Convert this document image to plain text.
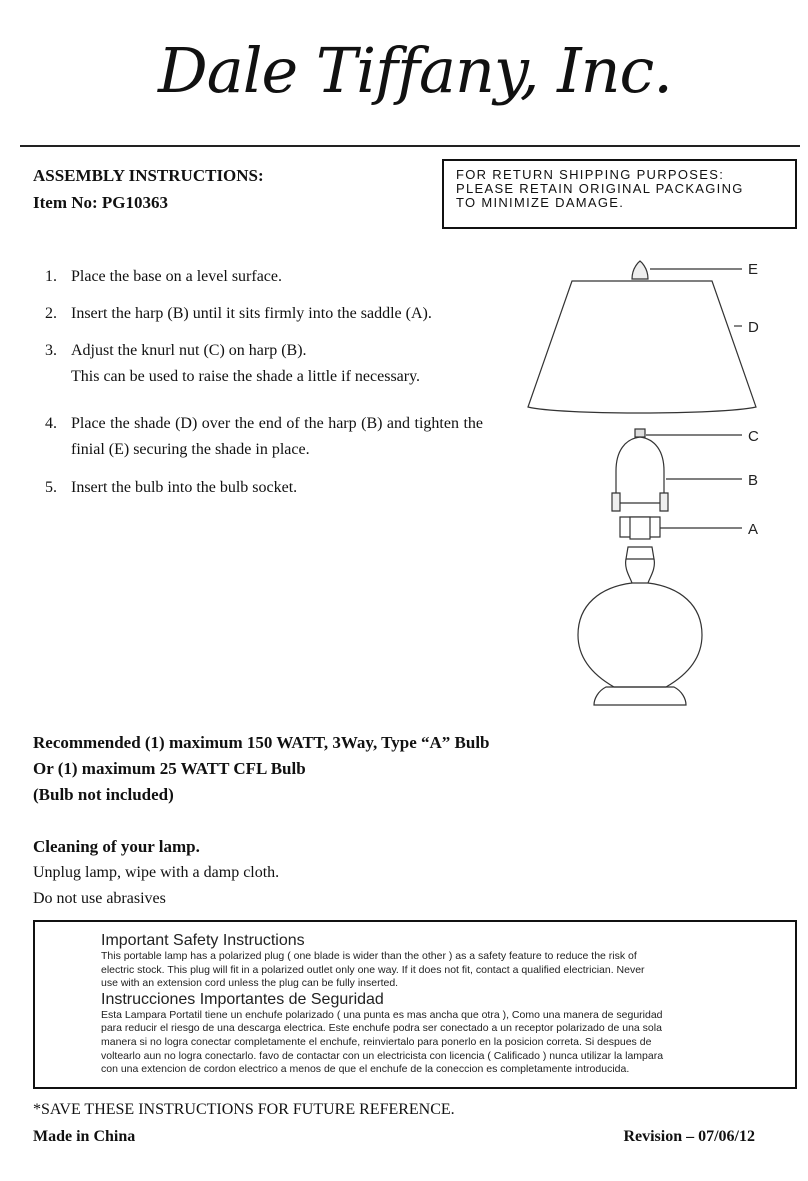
Dale Tiffany, Inc.
ASSEMBLY INSTRUCTIONS:
Item No: PG10363
FOR RETURN SHIPPING PURPOSES:
PLEASE RETAIN ORIGINAL PACKAGING
TO MINIMIZE DAMAGE.
1. Place the base on a level surface.
2. Insert the harp (B) until it sits firmly into the saddle (A).
3. Adjust the knurl nut (C) on harp (B).
This can be used to raise the shade a little if necessary.
4. Place the shade (D) over the end of the harp (B) and tighten the finial (E) securing the shade in place.
5. Insert the bulb into the bulb socket.
E
D
C
B
A
Recommended (1) maximum 150 WATT, 3Way, Type “A” Bulb
Or (1) maximum 25 WATT CFL Bulb
(Bulb not included)
Cleaning of your lamp.
Unplug lamp, wipe with a damp cloth.
Do not use abrasives
Important Safety Instructions
This portable lamp has a polarized plug ( one blade is wider than the other ) as a safety feature to reduce the risk of
electric stock. This plug will fit in a polarized outlet only one way. If it does not fit, contact a qualified electrician. Never
use with an extension cord unless the plug can be fully inserted.
Instrucciones Importantes de Seguridad
Esta Lampara Portatil tiene un enchufe polarizado ( una punta es mas ancha que otra ), Como una manera de seguridad
para reducir el riesgo de una descarga electrica. Este enchufe podra ser conectado a un receptor polarizado de una sola
manera si no logra conectar completamente el enchufe, reinviertalo para ponerlo en la posicion correta. Si despues de
voltearlo aun no logra conectarlo. favo de contactar con un electricista con licencia ( Calificado ) nunca utilizar la lampara
con una extencion de cordon electrico a menos de que el enchufe de la coneccion es completamente introducida.
*SAVE THESE INSTRUCTIONS FOR FUTURE REFERENCE.
Made in China	Revision – 07/06/12
